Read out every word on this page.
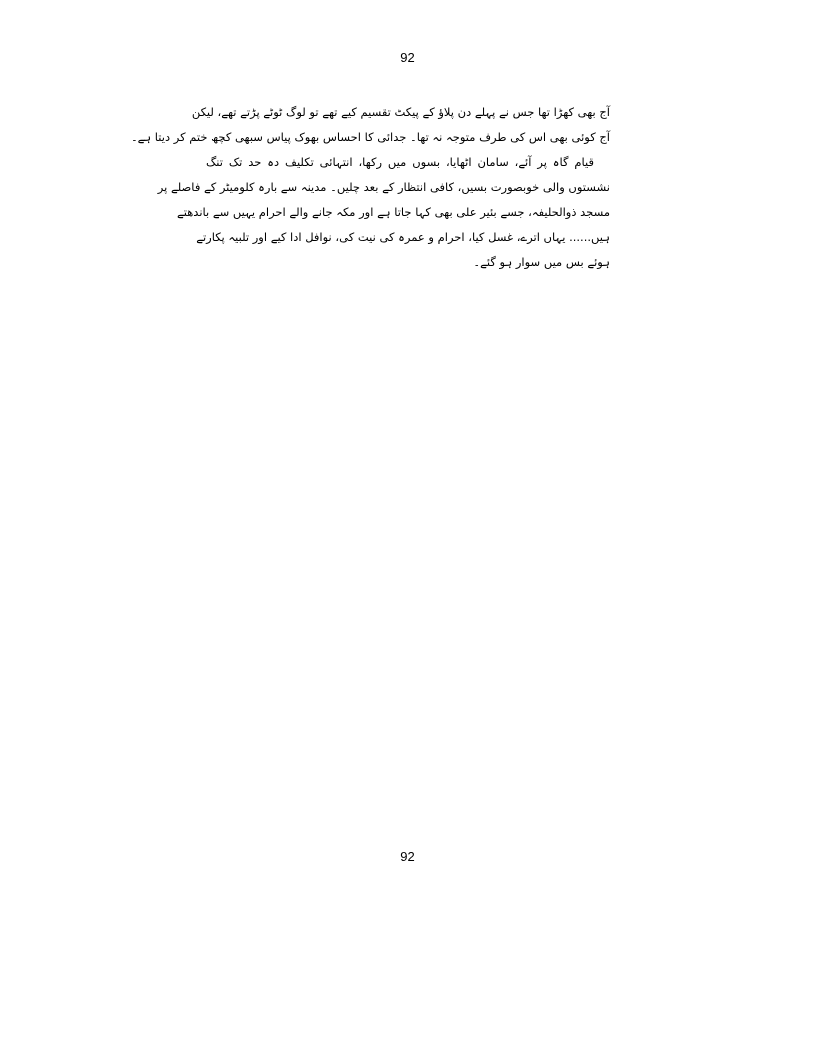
92
آج بھی کھڑا تھا جس نے پہلے دن پلاؤ کے پیکٹ تقسیم کیے تھے تو لوگ ٹوٹے پڑتے تھے، لیکن
آج کوئی بھی اس کی طرف متوجہ نہ تھا۔ جدائی کا احساس بھوک پیاس سبھی کچھ ختم کر دیتا ہے۔
قیام گاہ پر آئے، سامان اٹھایا، بسوں میں رکھا، انتہائی تکلیف دہ حد تک تنگ
نشستوں والی خوبصورت بسیں، کافی انتظار کے بعد چلیں۔ مدینہ سے بارہ کلومیٹر کے فاصلے پر
مسجد ذوالحلیفہ، جسے بئیر علی بھی کہا جاتا ہے اور مکہ جانے والے احرام یہیں سے باندھتے
ہیں...... یہاں اترے، غسل کیا، احرام و عمرہ کی نیت کی، نوافل ادا کیے اور تلبیہ پکارتے
ہوئے بس میں سوار ہو گئے۔
92
